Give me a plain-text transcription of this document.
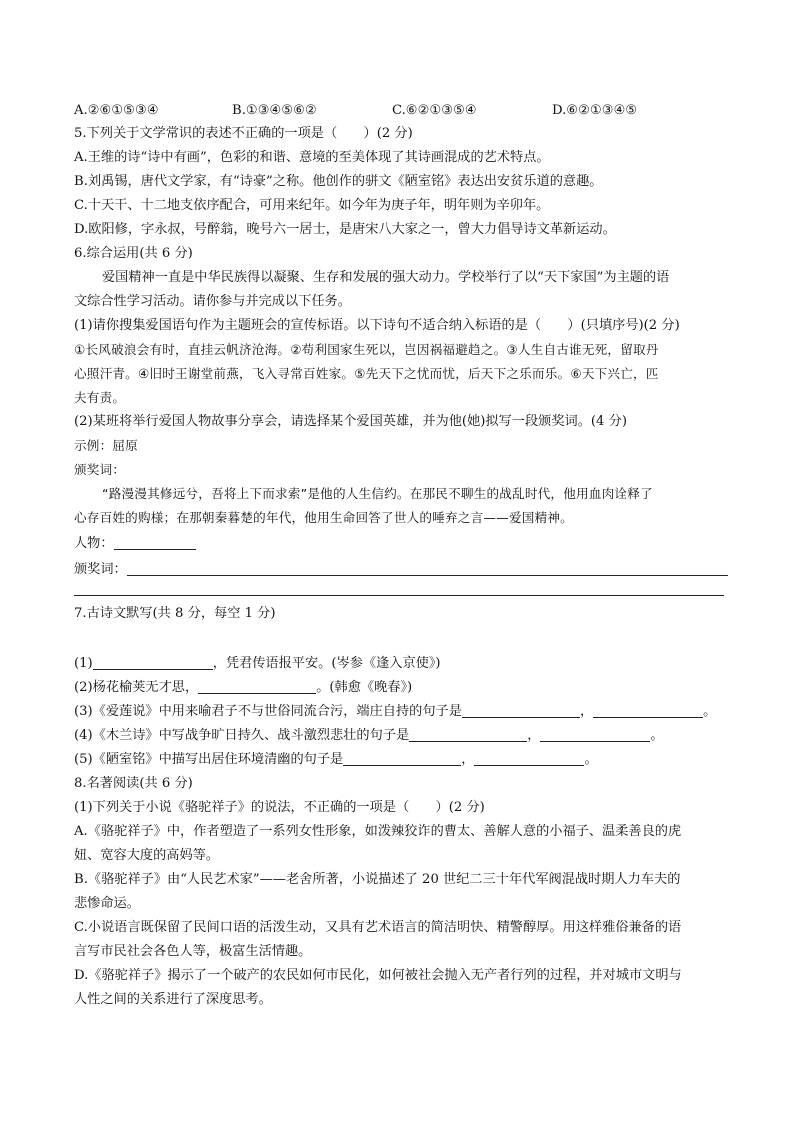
A.②⑥①⑤③④	B.①③④⑤⑥②	C.⑥②①③⑤④	D.⑥②①③④⑤
5.下列关于文学常识的表述不正确的一项是（　　）(2 分)
A.王维的诗“诗中有画”，色彩的和谐、意境的至美体现了其诗画混成的艺术特点。
B.刘禹锡，唐代文学家，有“诗豪”之称。他创作的骈文《陋室铭》表达出安贫乐道的意趣。
C.十天干、十二地支依序配合，可用来纪年。如今年为庚子年，明年则为辛卯年。
D.欧阳修，字永叔，号醉翁，晚号六一居士，是唐宋八大家之一，曾大力倡导诗文革新运动。
6.综合运用(共 6 分)
爱国精神一直是中华民族得以凝聚、生存和发展的强大动力。学校举行了以“天下家国”为主题的语
文综合性学习活动。请你参与并完成以下任务。
(1)请你搜集爱国语句作为主题班会的宣传标语。以下诗句不适合纳入标语的是（　　）(只填序号)(2 分)
①长风破浪会有时，直挂云帆济沧海。②苟利国家生死以，岂因祸福避趋之。③人生自古谁无死，留取丹
心照汗青。④旧时王谢堂前燕，飞入寻常百姓家。⑤先天下之忧而忧，后天下之乐而乐。⑥天下兴亡，匹
夫有责。
(2)某班将举行爱国人物故事分享会，请选择某个爱国英雄，并为他(她)拟写一段颁奖词。(4 分)
示例：屈原
颁奖词：
“路漫漫其修远兮，吾将上下而求索”是他的人生信约。在那民不聊生的战乱时代，他用血肉诠释了
心存百姓的购様；在那朝秦暮楚的年代，他用生命回答了世人的唾弃之言——爱国精神。
人物：
颁奖词：
7.古诗文默写(共 8 分，每空 1 分)
(1)	，凭君传语报平安。(岑参《逢入京使》)
(2)杨花榆荚无才思，	。(韩愈《晚春》)
(3)《爱莲说》中用来喻君子不与世俗同流合污，端庄自持的句子是	，	。
(4)《木兰诗》中写战争旷日持久、战斗激烈悲壮的句子是	，	。
(5)《陋室铭》中描写出居住环境清幽的句子是	，	。
8.名著阅读(共 6 分)
(1)下列关于小说《骆驼祥子》的说法，不正确的一项是（　　）(2 分)
A.《骆驼祥子》中，作者塑造了一系列女性形象，如泼辣狡诈的曹太、善解人意的小福子、温柔善良的虎
妞、宽容大度的高妈等。
B.《骆驼祥子》由“人民艺术家”——老舍所著，小说描述了 20 世纪二三十年代军阀混战时期人力车夫的
悲惨命运。
C.小说语言既保留了民间口语的活泼生动，又具有艺术语言的简洁明快、精警醇厚。用这样雅俗兼备的语
言写市民社会各色人等，极富生活情趣。
D.《骆驼祥子》揭示了一个破产的农民如何市民化，如何被社会抛入无产者行列的过程，并对城市文明与
人性之间的关系进行了深度思考。
